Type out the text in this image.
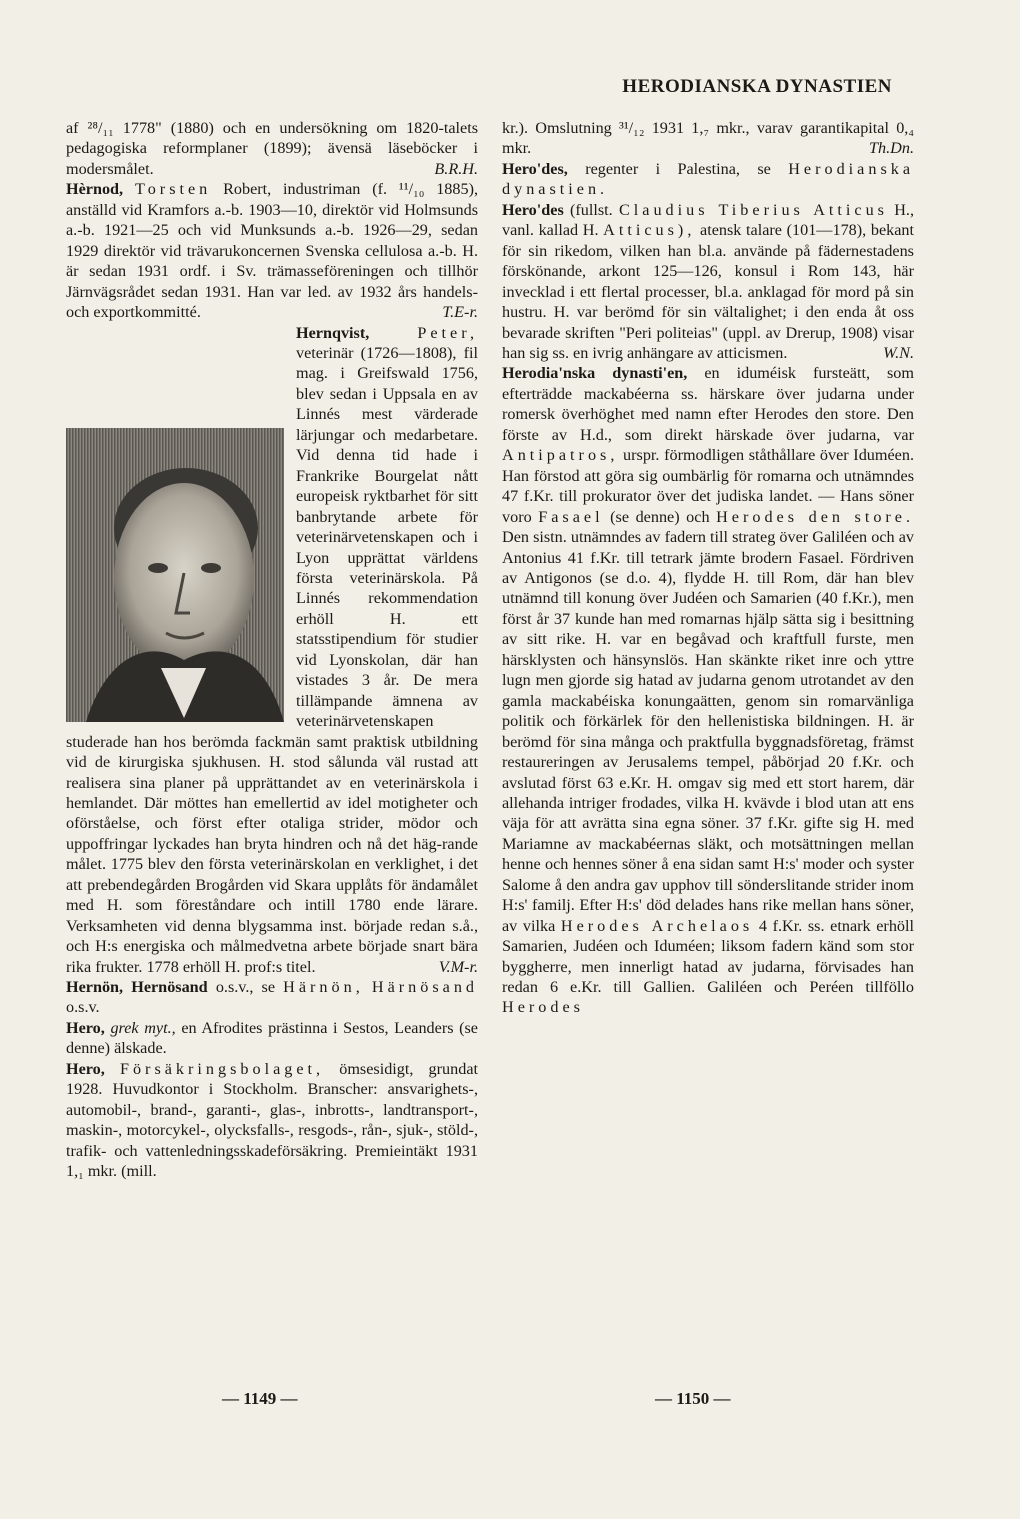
HERODIANSKA DYNASTIEN

af ²⁸/₁₁ 1778" (1880) och en undersökning om 1820-talets pedagogiska reformplaner (1899); ävensä läseböcker i modersmålet.	B.R.H.

Hèrnod, Torsten Robert, industriman (f. ¹¹/₁₀ 1885), anställd vid Kramfors a.-b. 1903—10, direktör vid Holmsunds a.-b. 1921—25 och vid Munksunds a.-b. 1926—29, sedan 1929 direktör vid trävarukoncernen Svenska cellulosa a.-b. H. är sedan 1931 ordf. i Sv. trämasseföreningen och tillhör Järnvägsrådet sedan 1931. Han var led. av 1932 års handels- och exportkommitté.	T.E-r.

Hernqvist,	Peter, veterinär (1726—1808), fil mag. i Greifswald 1756, blev sedan i Uppsala en av Linnés mest värderade lärjungar och medarbetare. Vid denna tid hade i Frankrike Bourgelat nått europeisk ryktbarhet för sitt banbrytande arbete för veterinärvetenskapen och i Lyon upprättat världens första veterinärskola. På Linnés rekommendation erhöll H. ett statsstipendium för studier vid Lyonskolan, där han vistades 3 år. De mera tillämpande ämnena av veterinärvetenskapen studerade han hos berömda fackmän samt praktisk utbildning vid de kirurgiska sjukhusen. H. stod sålunda väl rustad att realisera sina planer på upprättandet av en veterinärskola i hemlandet. Där möttes han emellertid av idel motigheter och oförståelse, och först efter otaliga strider, mödor och uppoffringar lyckades han bryta hindren och nå det häg-rande målet. 1775 blev den första veterinärskolan en verklighet, i det att prebendegården Brogården vid Skara upplåts för ändamålet med H. som föreståndare och intill 1780 ende lärare. Verksamheten vid denna blygsamma inst. började redan s.å., och H:s energiska och målmedvetna arbete började snart bära rika frukter. 1778 erhöll H. prof:s titel.	V.M-r.

Hernön, Hernösand o.s.v., se Härnön, Härnösand o.s.v.

Hero, grek myt., en Afrodites prästinna i Sestos, Leanders (se denne) älskade.

Hero, Försäkringsbolaget, ömsesidigt, grundat 1928. Huvudkontor i Stockholm. Branscher: ansvarighets-, automobil-, brand-, garanti-, glas-, inbrotts-, landtransport-, maskin-, motorcykel-, olycksfalls-, resgods-, rån-, sjuk-, stöld-, trafik- och vattenledningsskadeförsäkring. Premieintäkt 1931 1,₁ mkr. (mill.

kr.). Omslutning ³¹/₁₂ 1931 1,₇ mkr., varav garantikapital 0,₄ mkr.	Th.Dn.

Hero'des, regenter i Palestina, se Herodianska dynastien.

Hero'des (fullst. Claudius Tiberius Atticus H., vanl. kallad H. Atticus), atensk talare (101—178), bekant för sin rikedom, vilken han bl.a. använde på fädernestadens förskönande, arkont 125—126, konsul i Rom 143, här invecklad i ett flertal processer, bl.a. anklagad för mord på sin hustru. H. var berömd för sin vältalighet; i den enda åt oss bevarade skriften "Peri politeias" (uppl. av Drerup, 1908) visar han sig ss. en ivrig anhängare av atticismen.	W.N.

Herodia'nska dynasti'en, en iduméisk fursteätt, som efterträdde mackabéerna ss. härskare över judarna under romersk överhöghet med namn efter Herodes den store. Den förste av H.d., som direkt härskade över judarna, var Antipatros, urspr. förmodligen ståthållare över Iduméen. Han förstod att göra sig oumbärlig för romarna och utnämndes 47 f.Kr. till prokurator över det judiska landet. — Hans söner voro Fasael (se denne) och Herodes den store. Den sistn. utnämndes av fadern till strateg över Galiléen och av Antonius 41 f.Kr. till tetrark jämte brodern Fasael. Fördriven av Antigonos (se d.o. 4), flydde H. till Rom, där han blev utnämnd till konung över Judéen och Samarien (40 f.Kr.), men först år 37 kunde han med romarnas hjälp sätta sig i besittning av sitt rike. H. var en begåvad och kraftfull furste, men härsklysten och hänsynslös. Han skänkte riket inre och yttre lugn men gjorde sig hatad av judarna genom utrotandet av den gamla mackabéiska konungaätten, genom sin romarvänliga politik och förkärlek för den hellenistiska bildningen. H. är berömd för sina många och praktfulla byggnadsföretag, främst restaureringen av Jerusalems tempel, påbörjad 20 f.Kr. och avslutad först 63 e.Kr. H. omgav sig med ett stort harem, där allehanda intriger frodades, vilka H. kvävde i blod utan att ens väja för att avrätta sina egna söner. 37 f.Kr. gifte sig H. med Mariamne av mackabéernas släkt, och motsättningen mellan henne och hennes söner å ena sidan samt H:s' moder och syster Salome å den andra gav upphov till sönderslitande strider inom H:s' familj. Efter H:s' död delades hans rike mellan hans söner, av vilka Herodes Archelaos 4 f.Kr. ss. etnark erhöll Samarien, Judéen och Iduméen; liksom fadern känd som stor byggherre, men innerligt hatad av judarna, förvisades han redan 6 e.Kr. till Gallien. Galiléen och Peréen tillföllo Herodes

— 1149 —	— 1150 —
